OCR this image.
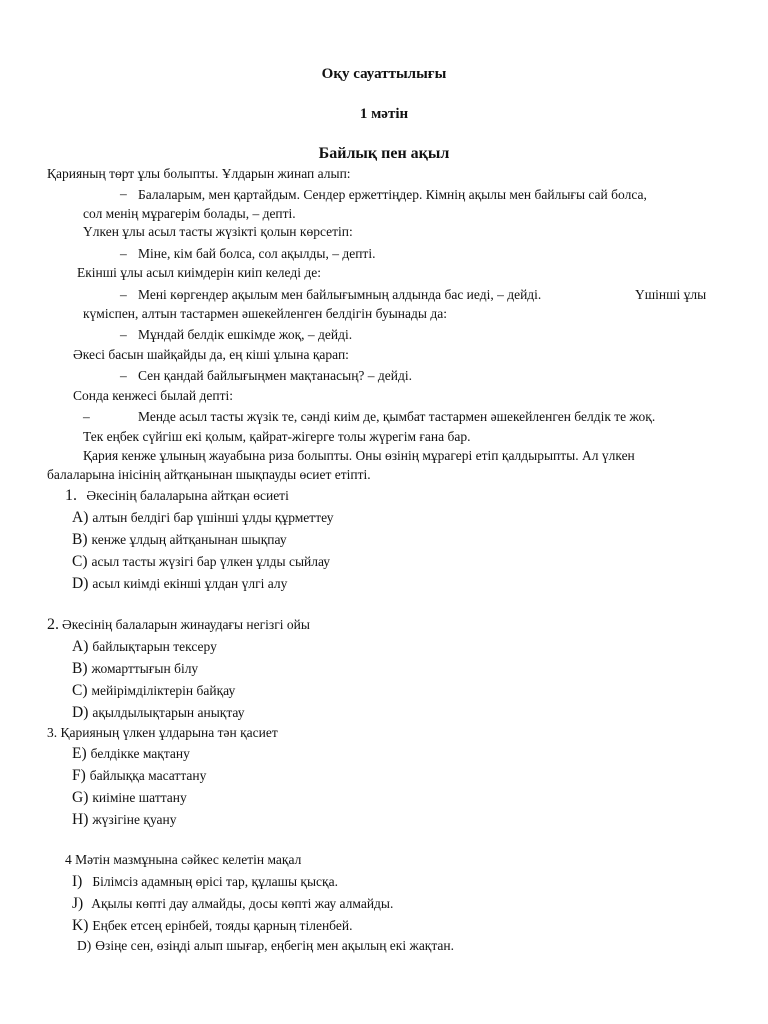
Оқу сауаттылығы
1 мәтін
Байлық пен ақыл
Қарияның төрт ұлы болыпты. Ұлдарын жинап алып:
– Балаларым, мен қартайдым. Сендер ержеттіңдер. Кімнің ақылы мен байлығы сай болса,
сол менің мұрагерім болады, – депті.
Үлкен ұлы асыл тасты жүзікті қолын көрсетіп:
– Міне, кім бай болса, сол ақылды, – депті.
Екінші ұлы асыл киімдерін киіп келеді де:
– Мені көргендер ақылым мен байлығымның алдында бас иеді, – дейді.	Үшінші ұлы
күміспен, алтын тастармен әшекейленген белдігін буынады да:
– Мұндай белдік ешкімде жоқ, – дейді.
Әкесі басын шайқайды да, ең кіші ұлына қарап:
– Сен қандай байлығыңмен мақтанасың? – дейді.
Сонда кенжесі былай депті:
–	Менде асыл тасты жүзік те, сәнді киім де, қымбат тастармен әшекейленген белдік те жоқ.
Тек еңбек сүйгіш екі қолым, қайрат-жігерге толы жүрегім ғана бар.
Қария кенже ұлының жауабына риза болыпты. Оны өзінің мұрагері етіп қалдырыпты. Ал үлкен
балаларына інісінің айтқанынан шықпауды өсиет етіпті.
1. Әкесінің балаларына айтқан өсиеті
A) алтын белдігі бар үшінші ұлды құрметтеу
B) кенже ұлдың айтқанынан шықпау
C) асыл тасты жүзігі бар үлкен ұлды сыйлау
D) асыл киімді екінші ұлдан үлгі алу
2. Әкесінің балаларын жинаудағы негізгі ойы
A) байлықтарын тексеру
B) жомарттығын білу
C) мейірімділіктерін байқау
D) ақылдылықтарын анықтау
3. Қарияның үлкен ұлдарына тән қасиет
E) белдікке мақтану
F) байлыққа масаттану
G) киіміне шаттану
H) жүзігіне қуану
4 Мәтін мазмұнына сәйкес келетін мақал
I) Білімсіз адамның өрісі тар, құлашы қысқа.
J) Ақылы көпті дау алмайды, досы көпті жау алмайды.
K) Еңбек етсең ерінбей, тояды қарның тіленбей.
D) Өзіңе сен, өзіңді алып шығар, еңбегің мен ақылың екі жақтан.
